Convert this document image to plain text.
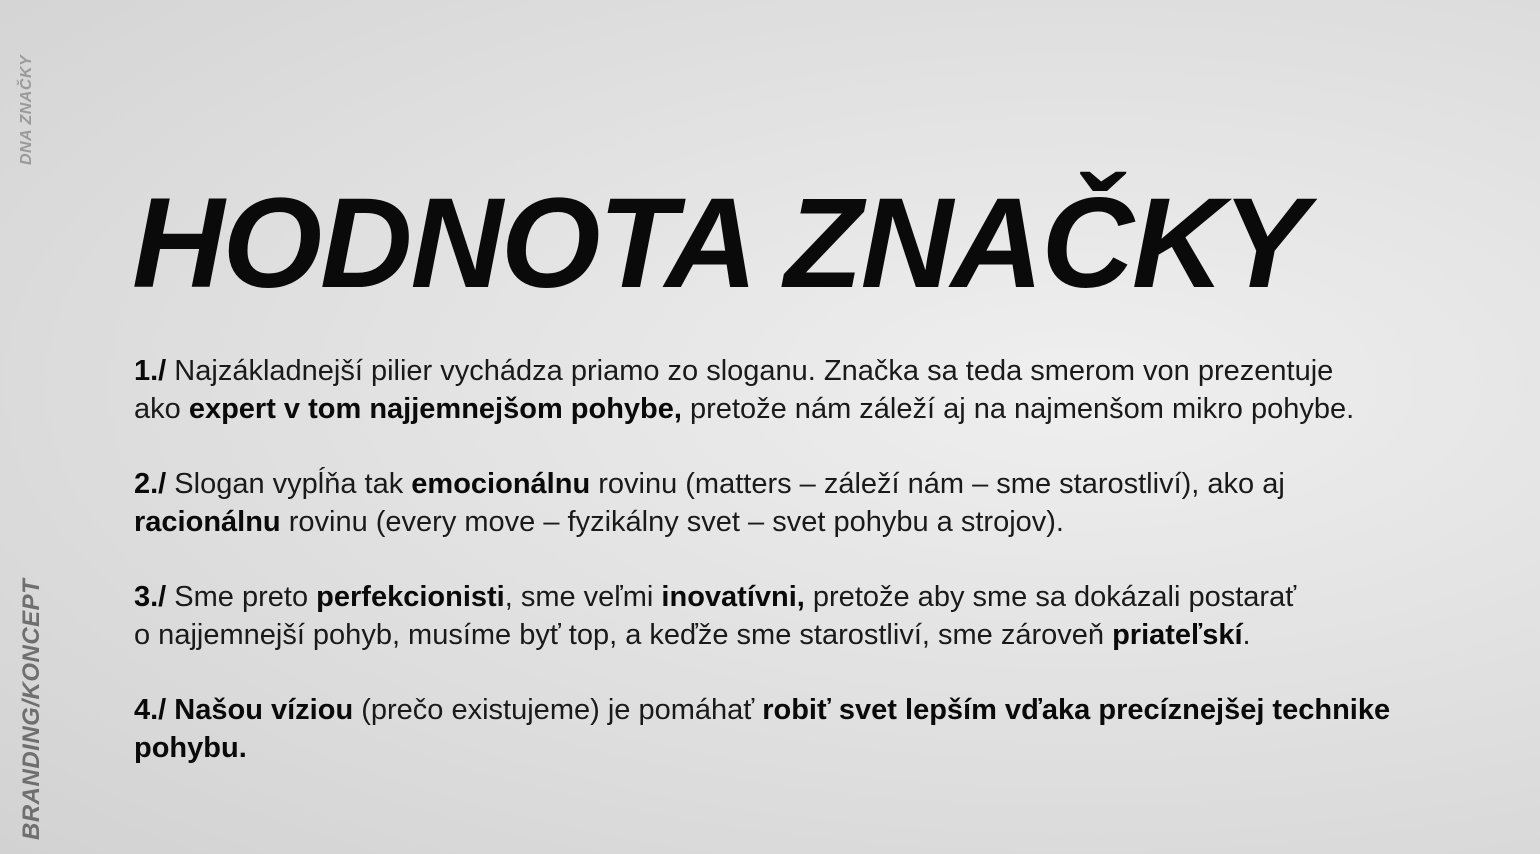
DNA ZNAČKY
BRANDING/KONCEPT
HODNOTA ZNAČKY

1./ Najzákladnejší pilier vychádza priamo zo sloganu. Značka sa teda smerom von prezentuje
ako expert v tom najjemnejšom pohybe, pretože nám záleží aj na najmenšom mikro pohybe.

2./ Slogan vypĺňa tak emocionálnu rovinu (matters – záleží nám – sme starostliví), ako aj
racionálnu rovinu (every move – fyzikálny svet – svet pohybu a strojov).

3./ Sme preto perfekcionisti, sme veľmi inovatívni, pretože aby sme sa dokázali postarať
o najjemnejší pohyb, musíme byť top, a keďže sme starostliví, sme zároveň priateľskí.

4./ Našou víziou (prečo existujeme) je pomáhať robiť svet lepším vďaka precíznejšej technike
pohybu.
